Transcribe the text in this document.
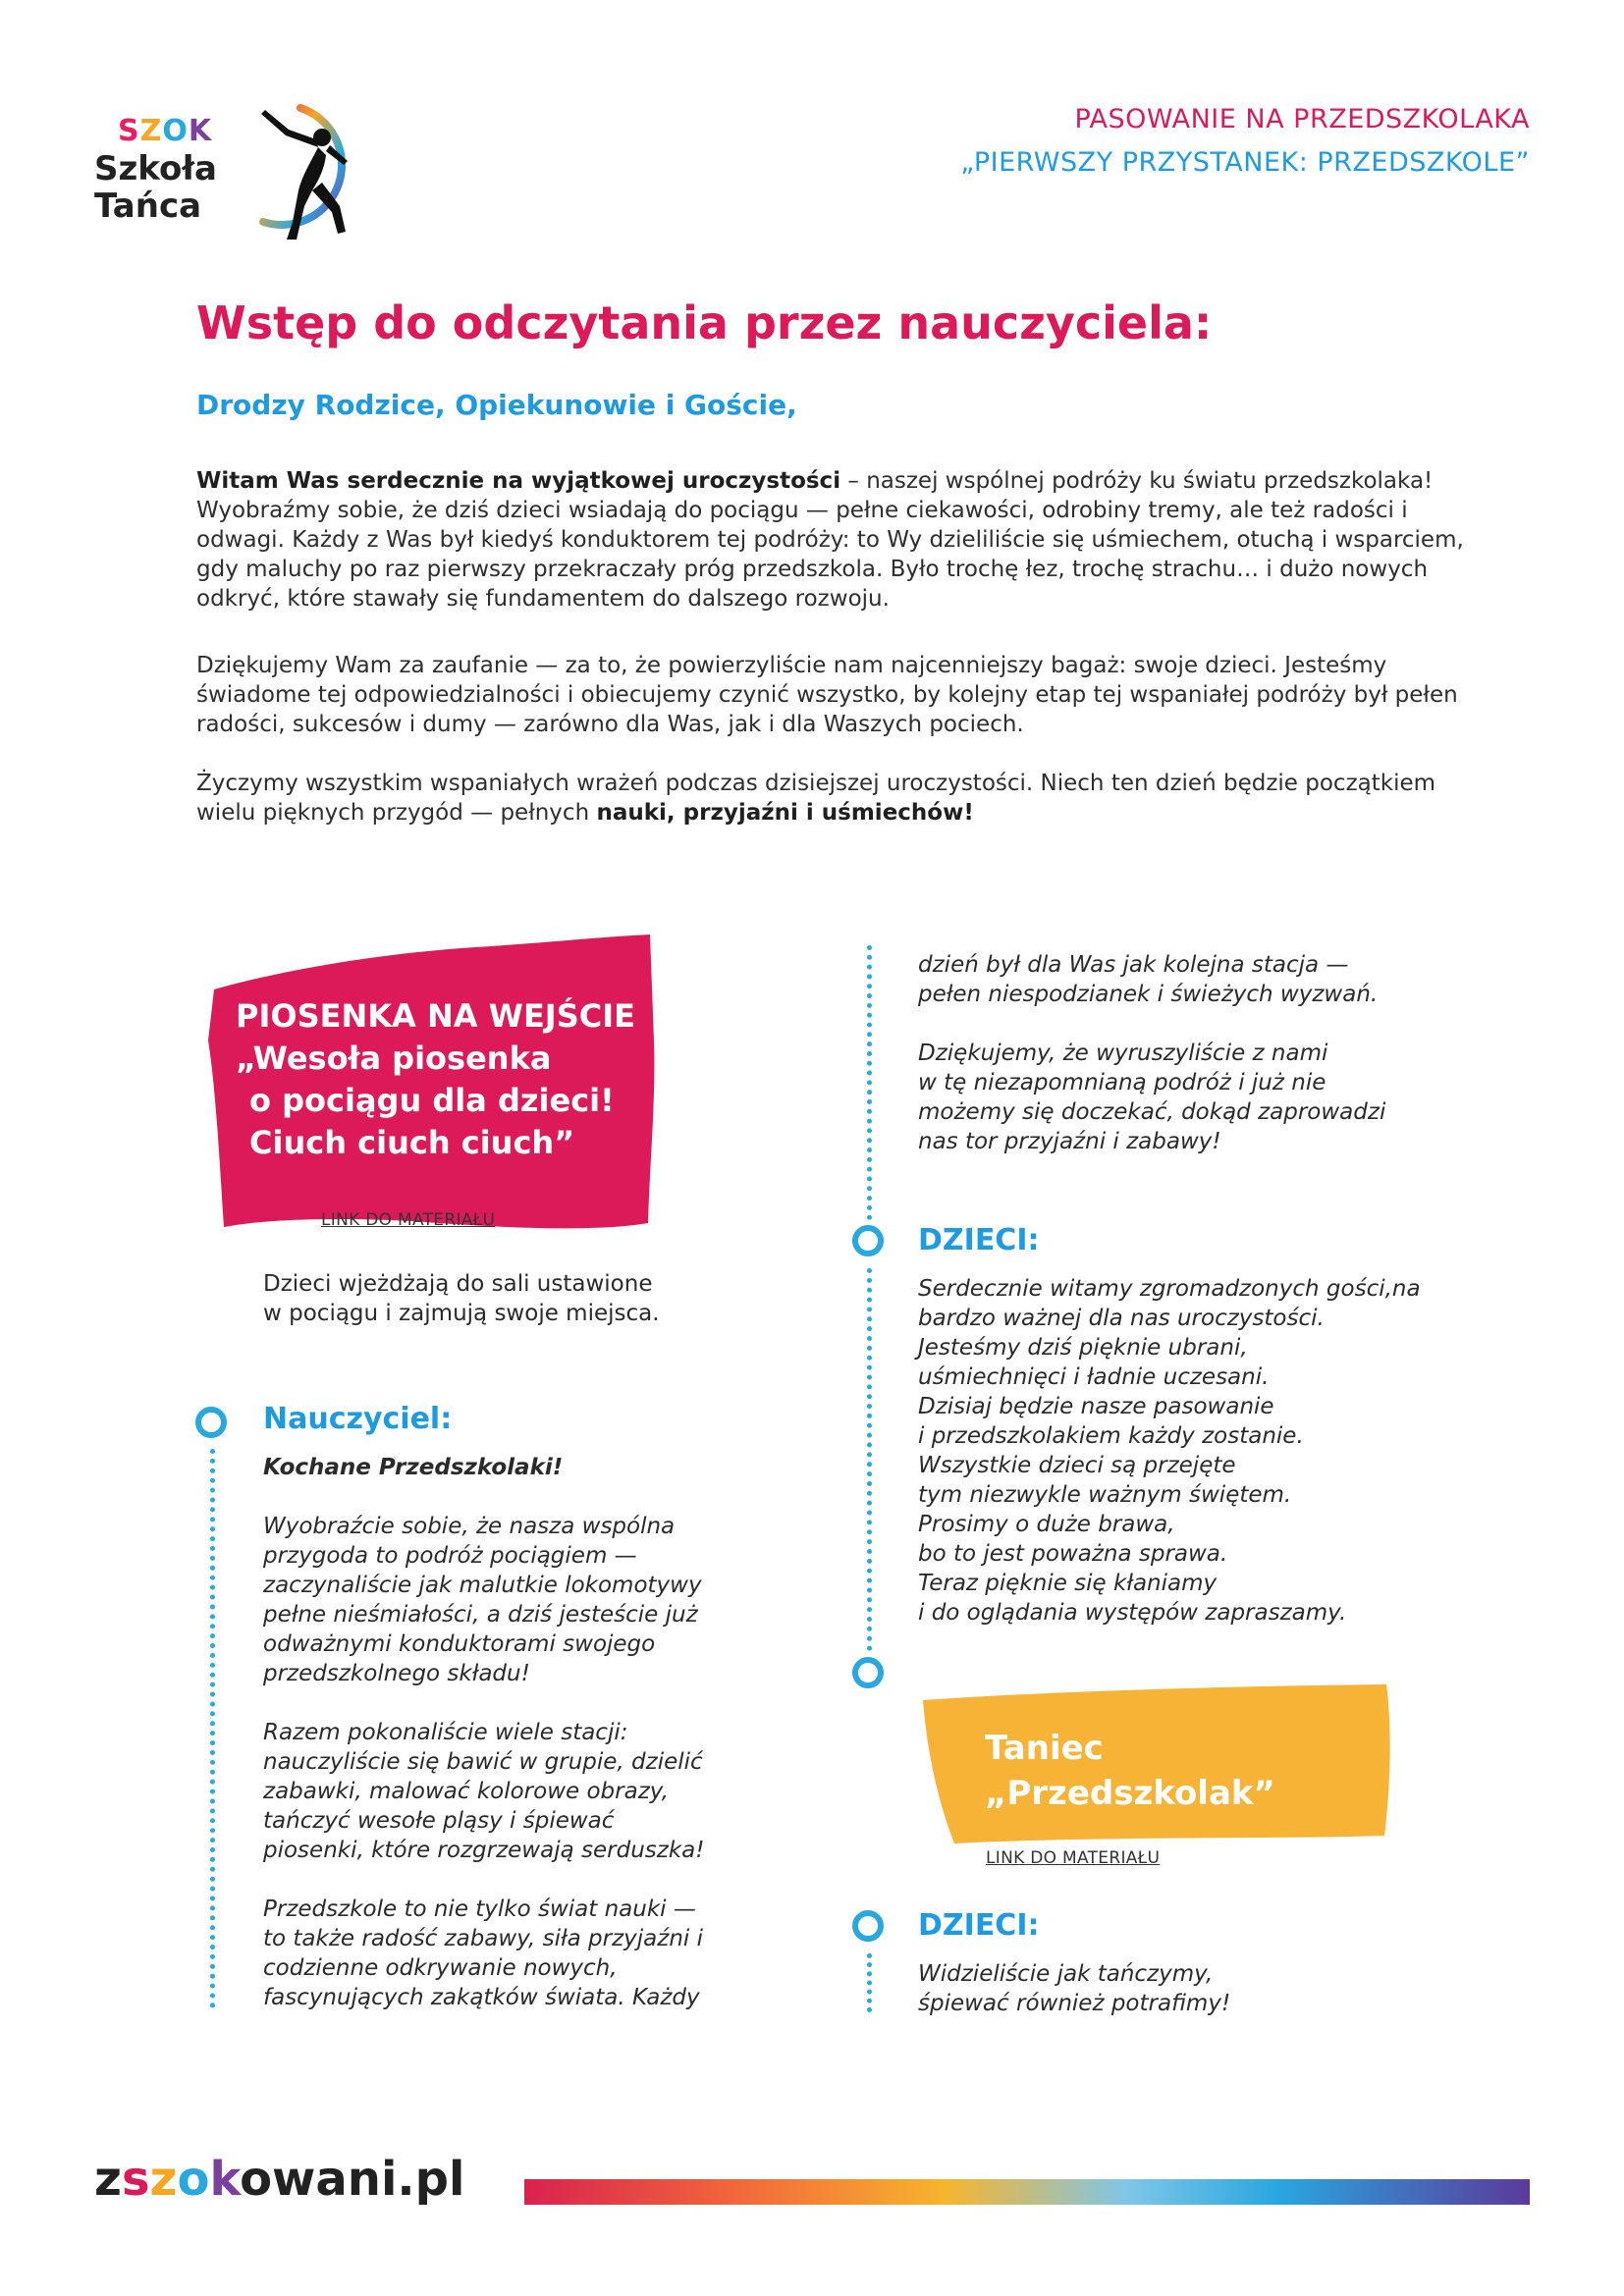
SZOK
Szkoła
Tańca
PASOWANIE NA PRZEDSZKOLAKA
„PIERWSZY PRZYSTANEK: PRZEDSZKOLE”
Wstęp do odczytania przez nauczyciela:
Drodzy Rodzice, Opiekunowie i Goście,
Witam Was serdecznie na wyjątkowej uroczystości – naszej wspólnej podróży ku światu przedszkolaka! Wyobraźmy sobie, że dziś dzieci wsiadają do pociągu — pełne ciekawości, odrobiny tremy, ale też radości i odwagi. Każdy z Was był kiedyś konduktorem tej podróży: to Wy dzieliliście się uśmiechem, otuchą i wsparciem, gdy maluchy po raz pierwszy przekraczały próg przedszkola. Było trochę łez, trochę strachu… i dużo nowych odkryć, które stawały się fundamentem do dalszego rozwoju.
Dziękujemy Wam za zaufanie — za to, że powierzyliście nam najcenniejszy bagaż: swoje dzieci. Jesteśmy świadome tej odpowiedzialności i obiecujemy czynić wszystko, by kolejny etap tej wspaniałej podróży był pełen radości, sukcesów i dumy — zarówno dla Was, jak i dla Waszych pociech.
Życzymy wszystkim wspaniałych wrażeń podczas dzisiejszej uroczystości. Niech ten dzień będzie początkiem wielu pięknych przygód — pełnych nauki, przyjaźni i uśmiechów!
PIOSENKA NA WEJŚCIE
„Wesoła piosenka
o pociągu dla dzieci!
Ciuch ciuch ciuch”
LINK DO MATERIAŁU
Dzieci wjeżdżają do sali ustawione
w pociągu i zajmują swoje miejsca.
Nauczyciel:
Kochane Przedszkolaki!
Wyobraźcie sobie, że nasza wspólna
przygoda to podróż pociągiem —
zaczynaliście jak malutkie lokomotywy
pełne nieśmiałości, a dziś jesteście już
odważnymi konduktorami swojego
przedszkolnego składu!
Razem pokonaliście wiele stacji:
nauczyliście się bawić w grupie, dzielić
zabawki, malować kolorowe obrazy,
tańczyć wesołe pląsy i śpiewać
piosenki, które rozgrzewają serduszka!
Przedszkole to nie tylko świat nauki —
to także radość zabawy, siła przyjaźni i
codzienne odkrywanie nowych,
fascynujących zakątków świata. Każdy
dzień był dla Was jak kolejna stacja —
pełen niespodzianek i świeżych wyzwań.
Dziękujemy, że wyruszyliście z nami
w tę niezapomnianą podróż i już nie
możemy się doczekać, dokąd zaprowadzi
nas tor przyjaźni i zabawy!
DZIECI:
Serdecznie witamy zgromadzonych gości,na
bardzo ważnej dla nas uroczystości.
Jesteśmy dziś pięknie ubrani,
uśmiechnięci i ładnie uczesani.
Dzisiaj będzie nasze pasowanie
i przedszkolakiem każdy zostanie.
Wszystkie dzieci są przejęte
tym niezwykle ważnym świętem.
Prosimy o duże brawa,
bo to jest poważna sprawa.
Teraz pięknie się kłaniamy
i do oglądania występów zapraszamy.
Taniec
„Przedszkolak”
LINK DO MATERIAŁU
DZIECI:
Widzieliście jak tańczymy,
śpiewać również potrafimy!
zszokowani.pl
